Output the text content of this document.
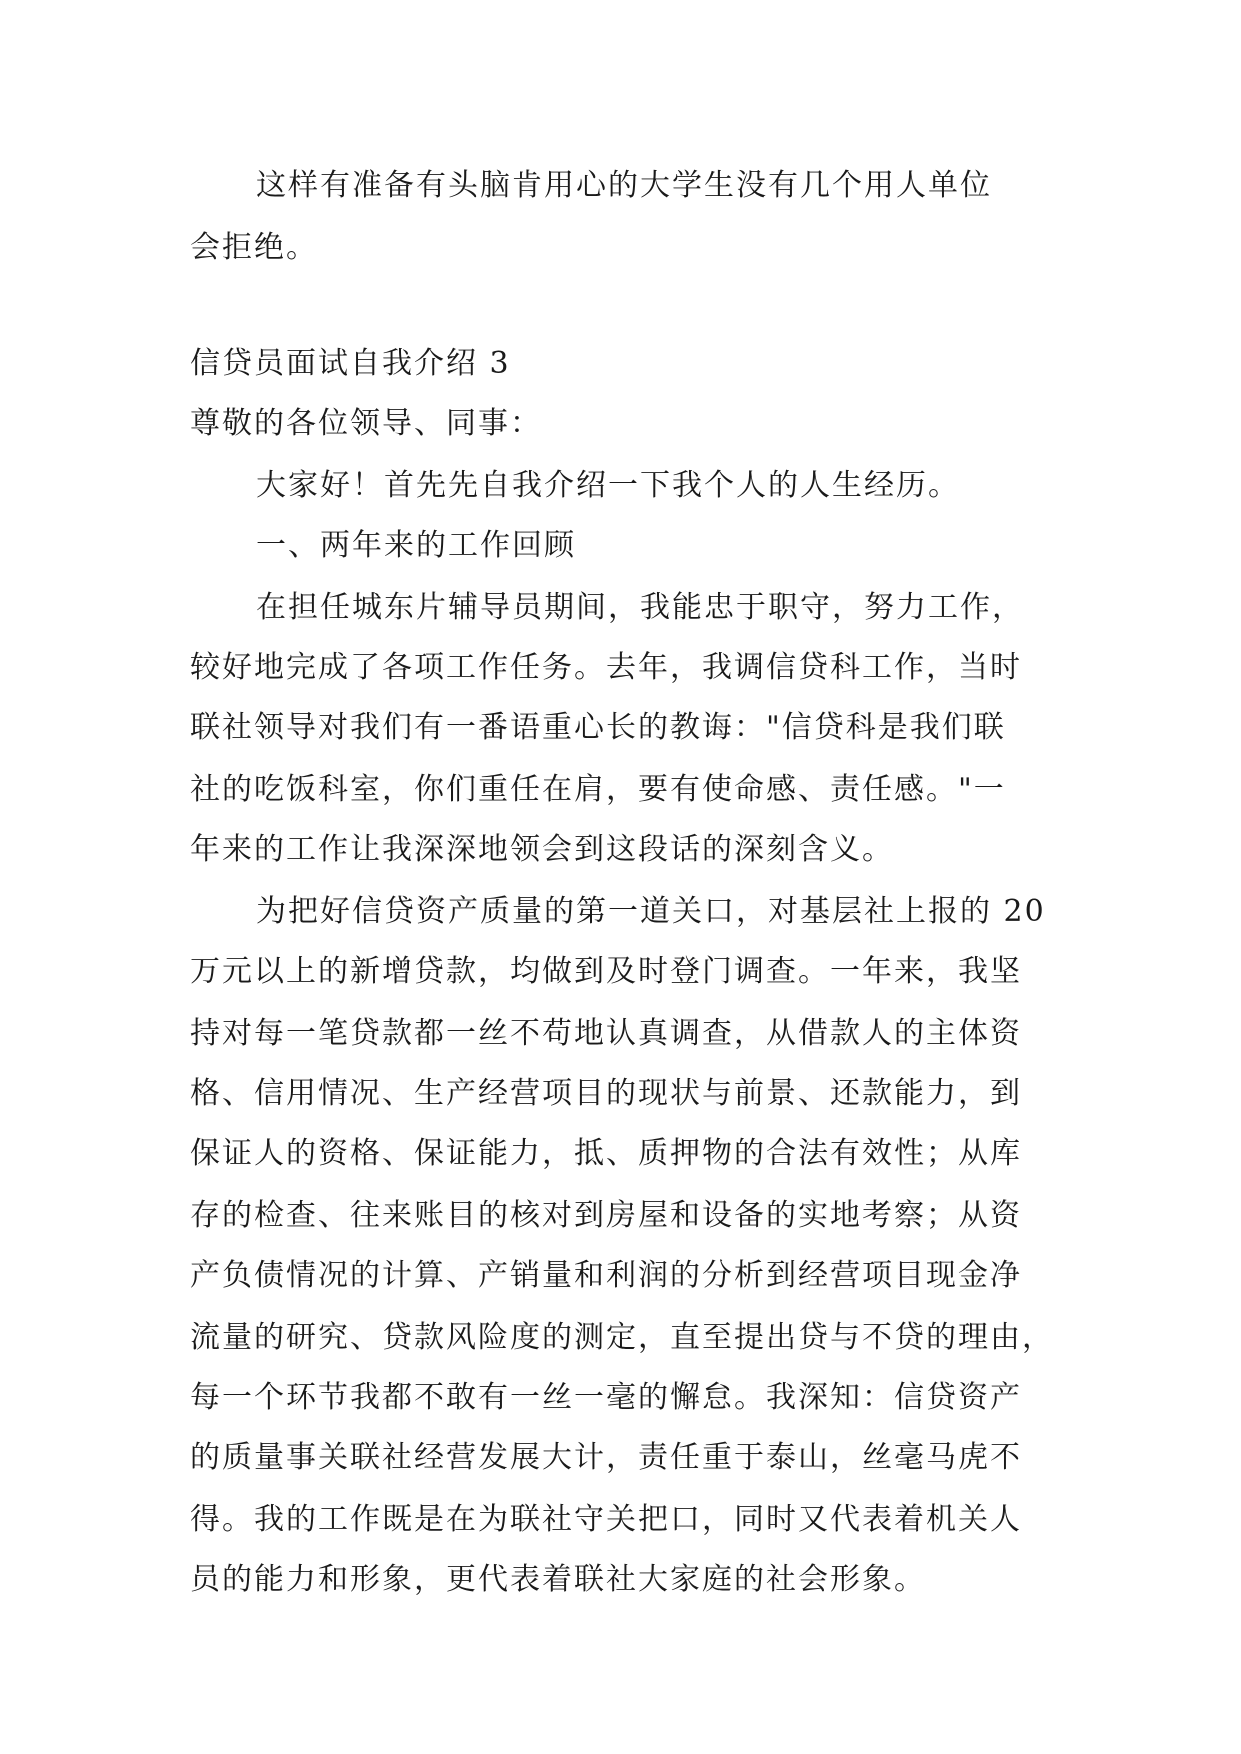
这样有准备有头脑肯用心的大学生没有几个用人单位
会拒绝。
信贷员面试自我介绍 3
尊敬的各位领导、同事：
大家好！首先先自我介绍一下我个人的人生经历。
一、两年来的工作回顾
在担任城东片辅导员期间，我能忠于职守，努力工作，
较好地完成了各项工作任务。去年，我调信贷科工作，当时
联社领导对我们有一番语重心长的教诲："信贷科是我们联
社的吃饭科室，你们重任在肩，要有使命感、责任感。"一
年来的工作让我深深地领会到这段话的深刻含义。
为把好信贷资产质量的第一道关口，对基层社上报的 20
万元以上的新增贷款，均做到及时登门调查。一年来，我坚
持对每一笔贷款都一丝不苟地认真调查，从借款人的主体资
格、信用情况、生产经营项目的现状与前景、还款能力，到
保证人的资格、保证能力，抵、质押物的合法有效性；从库
存的检查、往来账目的核对到房屋和设备的实地考察；从资
产负债情况的计算、产销量和利润的分析到经营项目现金净
流量的研究、贷款风险度的测定，直至提出贷与不贷的理由，
每一个环节我都不敢有一丝一毫的懈怠。我深知：信贷资产
的质量事关联社经营发展大计，责任重于泰山，丝毫马虎不
得。我的工作既是在为联社守关把口，同时又代表着机关人
员的能力和形象，更代表着联社大家庭的社会形象。
